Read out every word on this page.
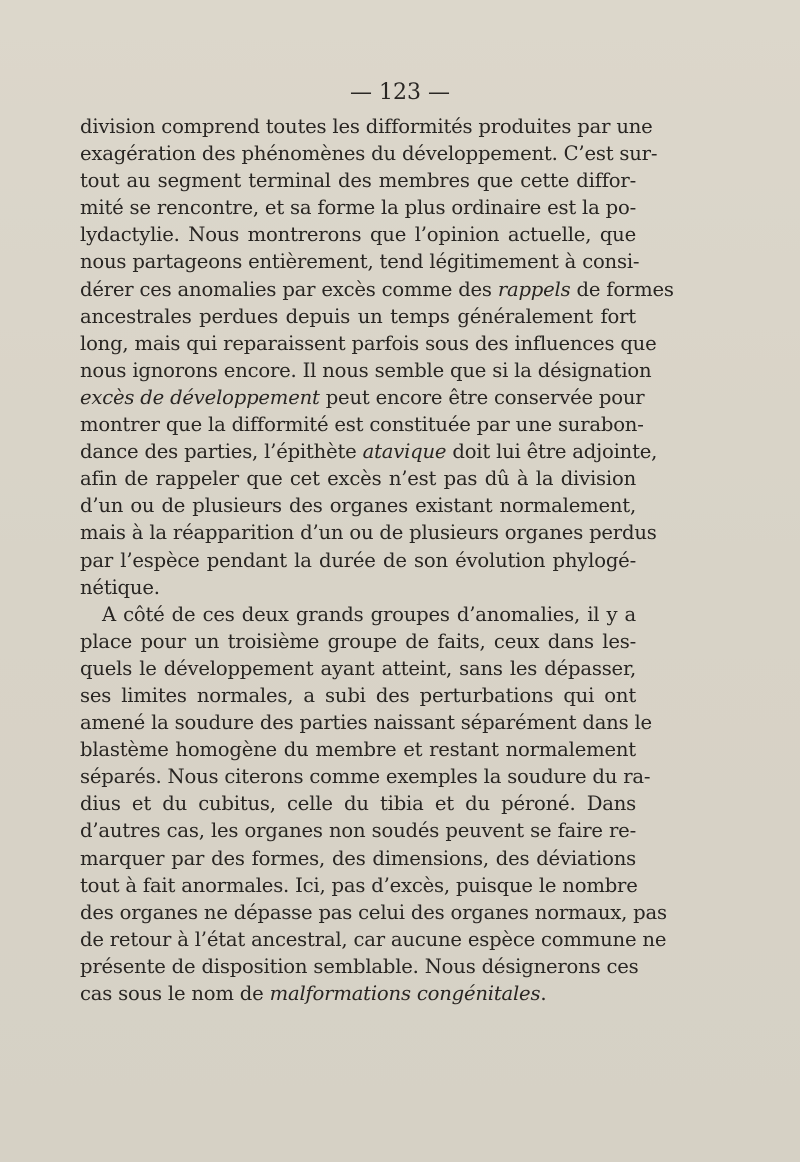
— 123 —
division comprend toutes les difformités produites par une
exagération des phénomènes du développement. C’est sur-
tout au segment terminal des membres que cette diffor-
mité se rencontre, et sa forme la plus ordinaire est la po-
lydactylie. Nous montrerons que l’opinion actuelle, que
nous partageons entièrement, tend légitimement à consi-
dérer ces anomalies par excès comme des rappels de formes
ancestrales perdues depuis un temps généralement fort
long, mais qui reparaissent parfois sous des influences que
nous ignorons encore. Il nous semble que si la désignation
excès de développement peut encore être conservée pour
montrer que la difformité est constituée par une surabon-
dance des parties, l’épithète atavique doit lui être adjointe,
afin de rappeler que cet excès n’est pas dû à la division
d’un ou de plusieurs des organes existant normalement,
mais à la réapparition d’un ou de plusieurs organes perdus
par l’espèce pendant la durée de son évolution phylogé-
nétique.
A côté de ces deux grands groupes d’anomalies, il y a
place pour un troisième groupe de faits, ceux dans les-
quels le développement ayant atteint, sans les dépasser,
ses limites normales, a subi des perturbations qui ont
amené la soudure des parties naissant séparément dans le
blastème homogène du membre et restant normalement
séparés. Nous citerons comme exemples la soudure du ra-
dius et du cubitus, celle du tibia et du péroné. Dans
d’autres cas, les organes non soudés peuvent se faire re-
marquer par des formes, des dimensions, des déviations
tout à fait anormales. Ici, pas d’excès, puisque le nombre
des organes ne dépasse pas celui des organes normaux, pas
de retour à l’état ancestral, car aucune espèce commune ne
présente de disposition semblable. Nous désignerons ces
cas sous le nom de malformations congénitales.
